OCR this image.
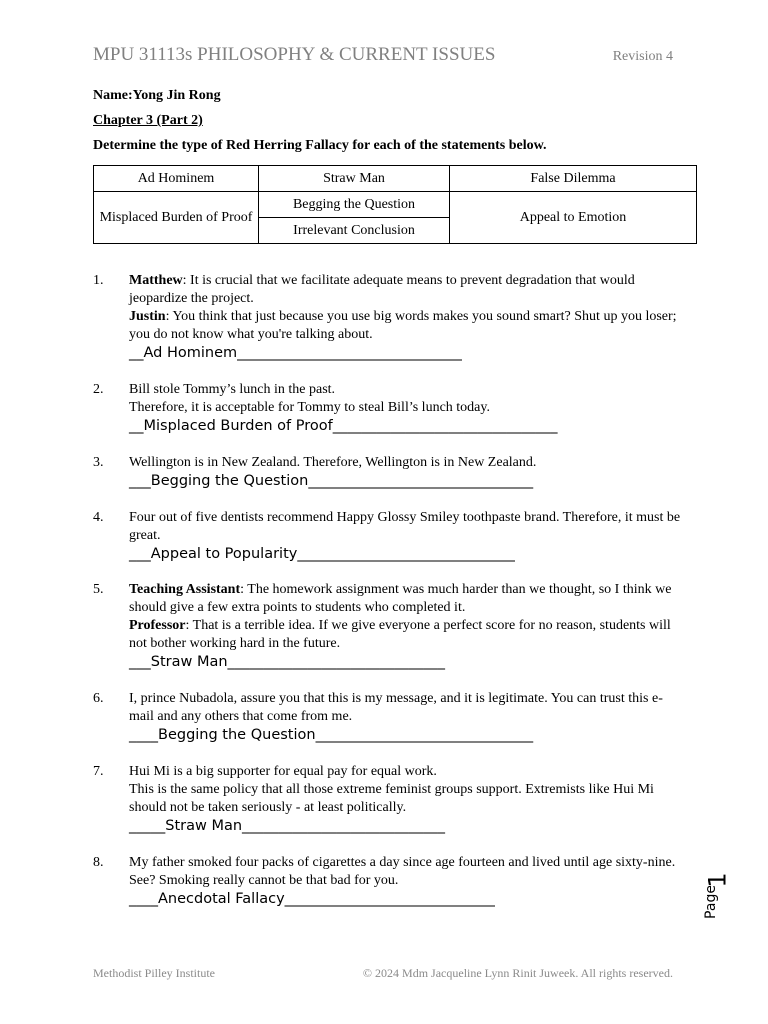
MPU 31113s PHILOSOPHY & CURRENT ISSUES	Revision 4
Name:Yong Jin Rong
Chapter 3 (Part 2)
Determine the type of Red Herring Fallacy for each of the statements below.
Ad Hominem	Straw Man	False Dilemma
Misplaced Burden of Proof	Begging the Question	Appeal to Emotion
	Irrelevant Conclusion	
1.	Matthew: It is crucial that we facilitate adequate means to prevent degradation that would jeopardize the project.
Justin: You think that just because you use big words makes you sound smart? Shut up you loser; you do not know what you're talking about.
__Ad Hominem_______________________________
2.	Bill stole Tommy’s lunch in the past.
Therefore, it is acceptable for Tommy to steal Bill’s lunch today.
__Misplaced Burden of Proof_______________________________
3.	Wellington is in New Zealand. Therefore, Wellington is in New Zealand.
___Begging the Question_______________________________
4.	Four out of five dentists recommend Happy Glossy Smiley toothpaste brand. Therefore, it must be great.
___Appeal to Popularity______________________________
5.	Teaching Assistant: The homework assignment was much harder than we thought, so I think we should give a few extra points to students who completed it.
Professor: That is a terrible idea. If we give everyone a perfect score for no reason, students will not bother working hard in the future.
___Straw Man______________________________
6.	I, prince Nubadola, assure you that this is my message, and it is legitimate. You can trust this e-mail and any others that come from me.
____Begging the Question______________________________
7.	Hui Mi is a big supporter for equal pay for equal work.
This is the same policy that all those extreme feminist groups support. Extremists like Hui Mi should not be taken seriously - at least politically.
_____Straw Man____________________________
8.	My father smoked four packs of cigarettes a day since age fourteen and lived until age sixty-nine. See? Smoking really cannot be that bad for you.
____Anecdotal Fallacy_____________________________	Page
1
Methodist Pilley Institute	© 2024 Mdm Jacqueline Lynn Rinit Juweek. All rights reserved.
